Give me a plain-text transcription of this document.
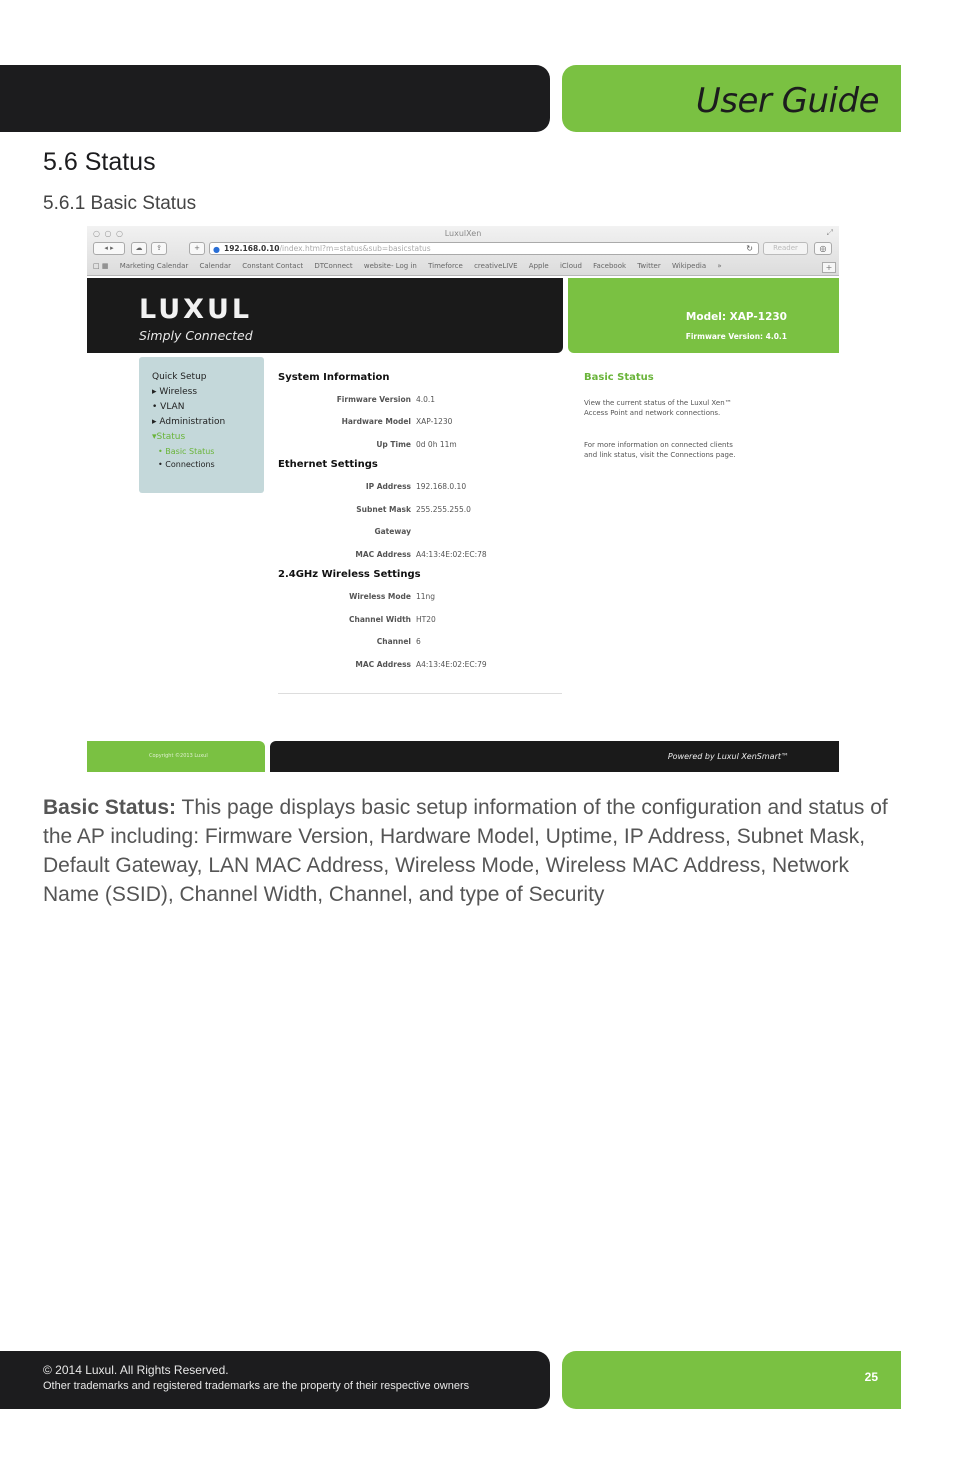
User Guide
5.6 Status
5.6.1 Basic Status
○ ○ ○	LuxulXen	⤢
◂ ▸	☁	⇪	+	● 192.168.0.10/index.html?m=status&sub=basicstatus	↻	Reader	◎
□ ▦ Marketing Calendar Calendar Constant Contact DTConnect website- Log in Timeforce creativeLIVE Apple iCloud Facebook Twitter Wikipedia »	+
LUXUL
Simply Connected
Model: XAP-1230
Firmware Version: 4.0.1
Quick Setup
▸ Wireless
• VLAN
▸ Administration
▾Status
• Basic Status
• Connections
System Information
Firmware Version 4.0.1
Hardware Model XAP-1230
Up Time 0d 0h 11m
Ethernet Settings
IP Address 192.168.0.10
Subnet Mask 255.255.255.0
Gateway
MAC Address A4:13:4E:02:EC:78
2.4GHz Wireless Settings
Wireless Mode 11ng
Channel Width HT20
Channel 6
MAC Address A4:13:4E:02:EC:79
Basic Status
View the current status of the Luxul Xen™ Access Point and network connections.
For more information on connected clients and link status, visit the Connections page.
Copyright ©2013 Luxul	Powered by Luxul XenSmart™
Basic Status: This page displays basic setup information of the configuration and status of the AP including: Firmware Version, Hardware Model, Uptime, IP Address, Subnet Mask, Default Gateway, LAN MAC Address, Wireless Mode, Wireless MAC Address, Network Name (SSID), Channel Width, Channel, and type of Security
© 2014 Luxul. All Rights Reserved.
Other trademarks and registered trademarks are the property of their respective owners
25
